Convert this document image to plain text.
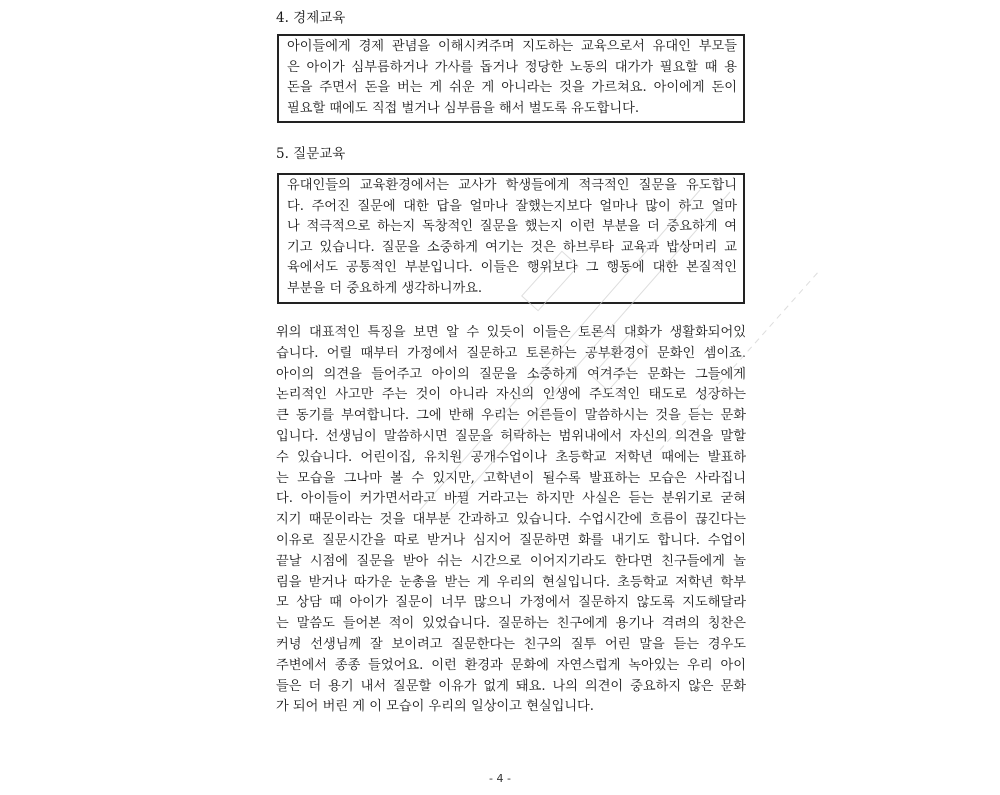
4. 경제교육
아이들에게 경제 관념을 이해시켜주며 지도하는 교육으로서 유대인 부모들
은 아이가 심부름하거나 가사를 돕거나 정당한 노동의 대가가 필요할 때 용
돈을 주면서 돈을 버는 게 쉬운 게 아니라는 것을 가르쳐요. 아이에게 돈이
필요할 때에도 직접 벌거나 심부름을 해서 벌도록 유도합니다.
5. 질문교육
유대인들의 교육환경에서는 교사가 학생들에게 적극적인 질문을 유도합니
다. 주어진 질문에 대한 답을 얼마나 잘했는지보다 얼마나 많이 하고 얼마
나 적극적으로 하는지 독창적인 질문을 했는지 이런 부분을 더 중요하게 여
기고 있습니다. 질문을 소중하게 여기는 것은 하브루타 교육과 밥상머리 교
육에서도 공통적인 부분입니다. 이들은 행위보다 그 행동에 대한 본질적인
부분을 더 중요하게 생각하니까요.
위의 대표적인 특징을 보면 알 수 있듯이 이들은 토론식 대화가 생활화되어있
습니다. 어릴 때부터 가정에서 질문하고 토론하는 공부환경이 문화인 셈이죠.
아이의 의견을 들어주고 아이의 질문을 소중하게 여겨주는 문화는 그들에게
논리적인 사고만 주는 것이 아니라 자신의 인생에 주도적인 태도로 성장하는
큰 동기를 부여합니다. 그에 반해 우리는 어른들이 말씀하시는 것을 듣는 문화
입니다. 선생님이 말씀하시면 질문을 허락하는 범위내에서 자신의 의견을 말할
수 있습니다. 어린이집, 유치원 공개수업이나 초등학교 저학년 때에는 발표하
는 모습을 그나마 볼 수 있지만, 고학년이 될수록 발표하는 모습은 사라집니
다. 아이들이 커가면서라고 바뀔 거라고는 하지만 사실은 듣는 분위기로 굳혀
지기 때문이라는 것을 대부분 간과하고 있습니다. 수업시간에 흐름이 끊긴다는
이유로 질문시간을 따로 받거나 심지어 질문하면 화를 내기도 합니다. 수업이
끝날 시점에 질문을 받아 쉬는 시간으로 이어지기라도 한다면 친구들에게 놀
림을 받거나 따가운 눈총을 받는 게 우리의 현실입니다. 초등학교 저학년 학부
모 상담 때 아이가 질문이 너무 많으니 가정에서 질문하지 않도록 지도해달라
는 말씀도 들어본 적이 있었습니다. 질문하는 친구에게 용기나 격려의 칭찬은
커녕 선생님께 잘 보이려고 질문한다는 친구의 질투 어린 말을 듣는 경우도
주변에서 종종 들었어요. 이런 환경과 문화에 자연스럽게 녹아있는 우리 아이
들은 더 용기 내서 질문할 이유가 없게 돼요. 나의 의견이 중요하지 않은 문화
가 되어 버린 게 이 모습이 우리의 일상이고 현실입니다.
- 4 -
